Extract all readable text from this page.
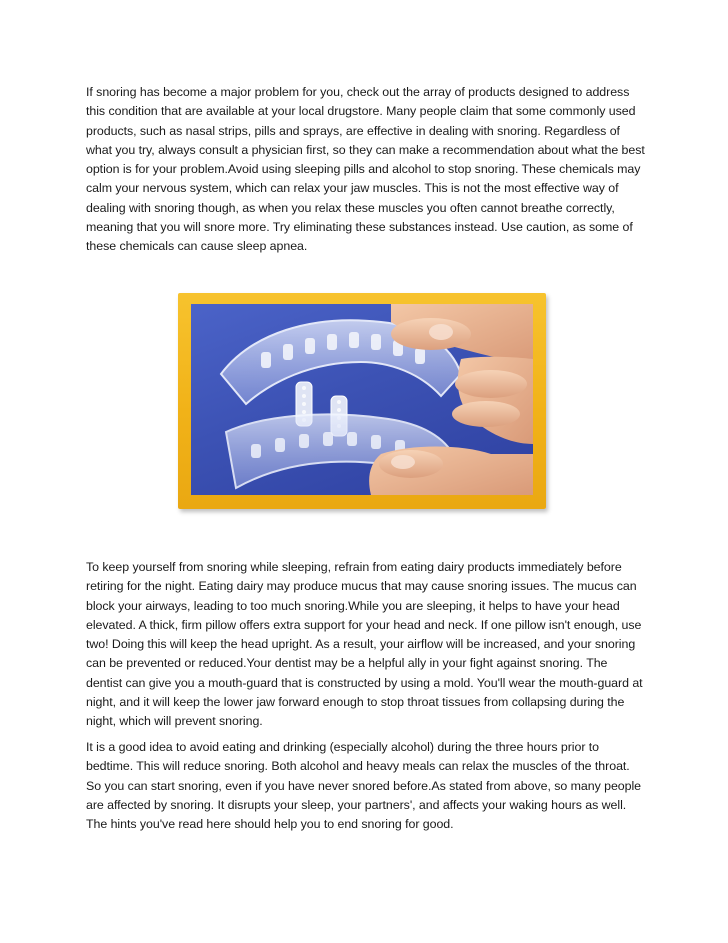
If snoring has become a major problem for you, check out the array of products designed to address this condition that are available at your local drugstore. Many people claim that some commonly used products, such as nasal strips, pills and sprays, are effective in dealing with snoring. Regardless of what you try, always consult a physician first, so they can make a recommendation about what the best option is for your problem.Avoid using sleeping pills and alcohol to stop snoring. These chemicals may calm your nervous system, which can relax your jaw muscles. This is not the most effective way of dealing with snoring though, as when you relax these muscles you often cannot breathe correctly, meaning that you will snore more. Try eliminating these substances instead. Use caution, as some of these chemicals can cause sleep apnea.

To keep yourself from snoring while sleeping, refrain from eating dairy products immediately before retiring for the night. Eating dairy may produce mucus that may cause snoring issues. The mucus can block your airways, leading to too much snoring.While you are sleeping, it helps to have your head elevated. A thick, firm pillow offers extra support for your head and neck. If one pillow isn't enough, use two! Doing this will keep the head upright. As a result, your airflow will be increased, and your snoring can be prevented or reduced.Your dentist may be a helpful ally in your fight against snoring. The dentist can give you a mouth-guard that is constructed by using a mold. You'll wear the mouth-guard at night, and it will keep the lower jaw forward enough to stop throat tissues from collapsing during the night, which will prevent snoring.

It is a good idea to avoid eating and drinking (especially alcohol) during the three hours prior to bedtime. This will reduce snoring. Both alcohol and heavy meals can relax the muscles of the throat. So you can start snoring, even if you have never snored before.As stated from above, so many people are affected by snoring. It disrupts your sleep, your partners', and affects your waking hours as well. The hints you've read here should help you to end snoring for good.
